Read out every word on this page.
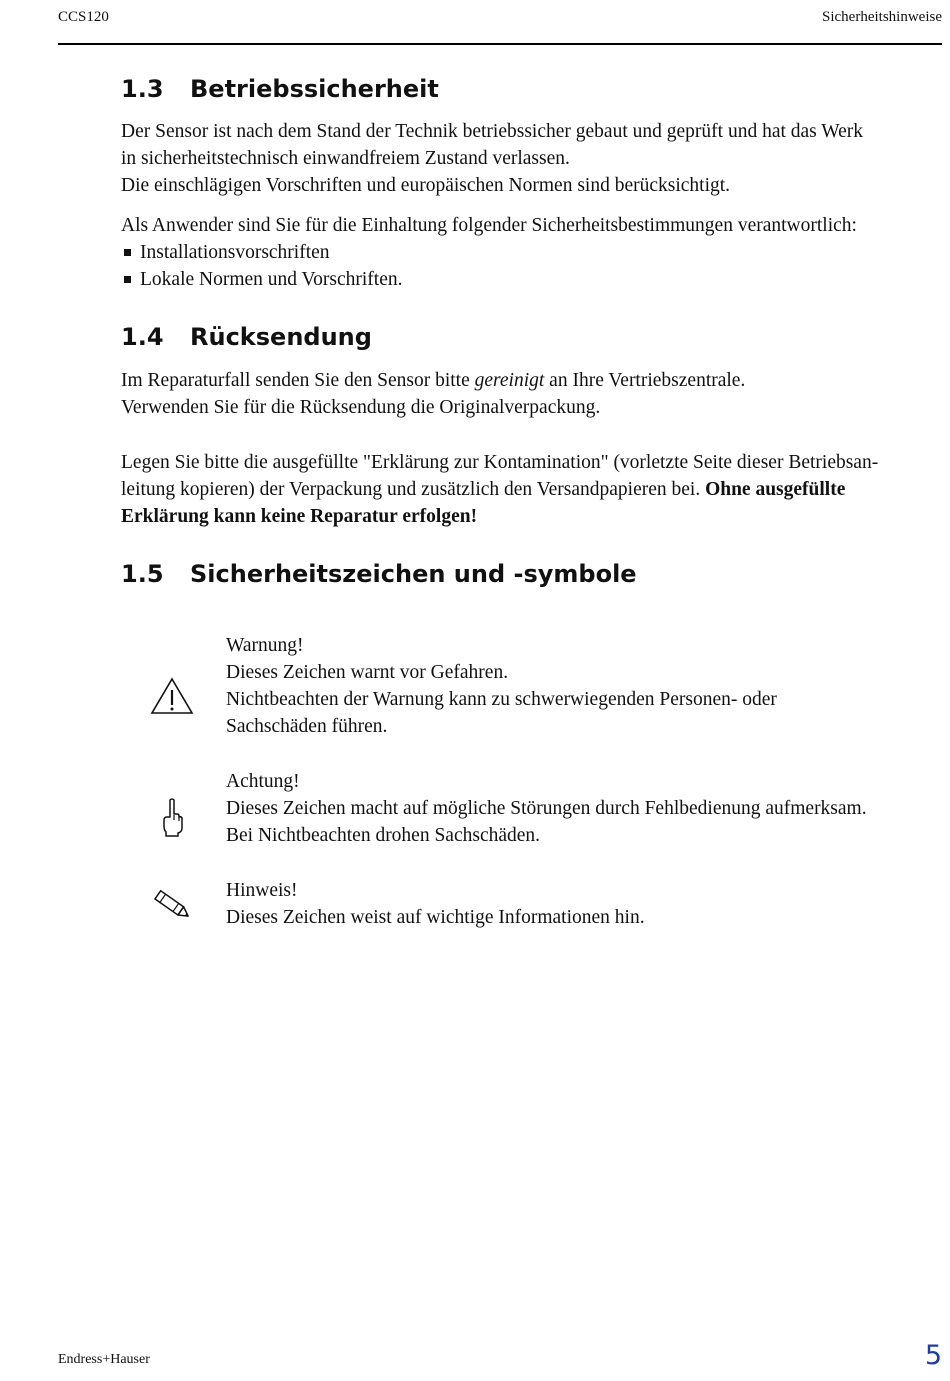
CCS120	Sicherheitshinweise
1.3 Betriebssicherheit
Der Sensor ist nach dem Stand der Technik betriebssicher gebaut und geprüft und hat das Werk
in sicherheitstechnisch einwandfreiem Zustand verlassen.
Die einschlägigen Vorschriften und europäischen Normen sind berücksichtigt.
Als Anwender sind Sie für die Einhaltung folgender Sicherheitsbestimmungen verantwortlich:
Installationsvorschriften
Lokale Normen und Vorschriften.
1.4 Rücksendung
Im Reparaturfall senden Sie den Sensor bitte gereinigt an Ihre Vertriebszentrale.
Verwenden Sie für die Rücksendung die Originalverpackung.
Legen Sie bitte die ausgefüllte "Erklärung zur Kontamination" (vorletzte Seite dieser Betriebsan-
leitung kopieren) der Verpackung und zusätzlich den Versandpapieren bei. Ohne ausgefüllte
Erklärung kann keine Reparatur erfolgen!
1.5 Sicherheitszeichen und -symbole
Warnung!
Dieses Zeichen warnt vor Gefahren.
Nichtbeachten der Warnung kann zu schwerwiegenden Personen- oder
Sachschäden führen.
Achtung!
Dieses Zeichen macht auf mögliche Störungen durch Fehlbedienung aufmerksam.
Bei Nichtbeachten drohen Sachschäden.
Hinweis!
Dieses Zeichen weist auf wichtige Informationen hin.
Endress+Hauser	5
